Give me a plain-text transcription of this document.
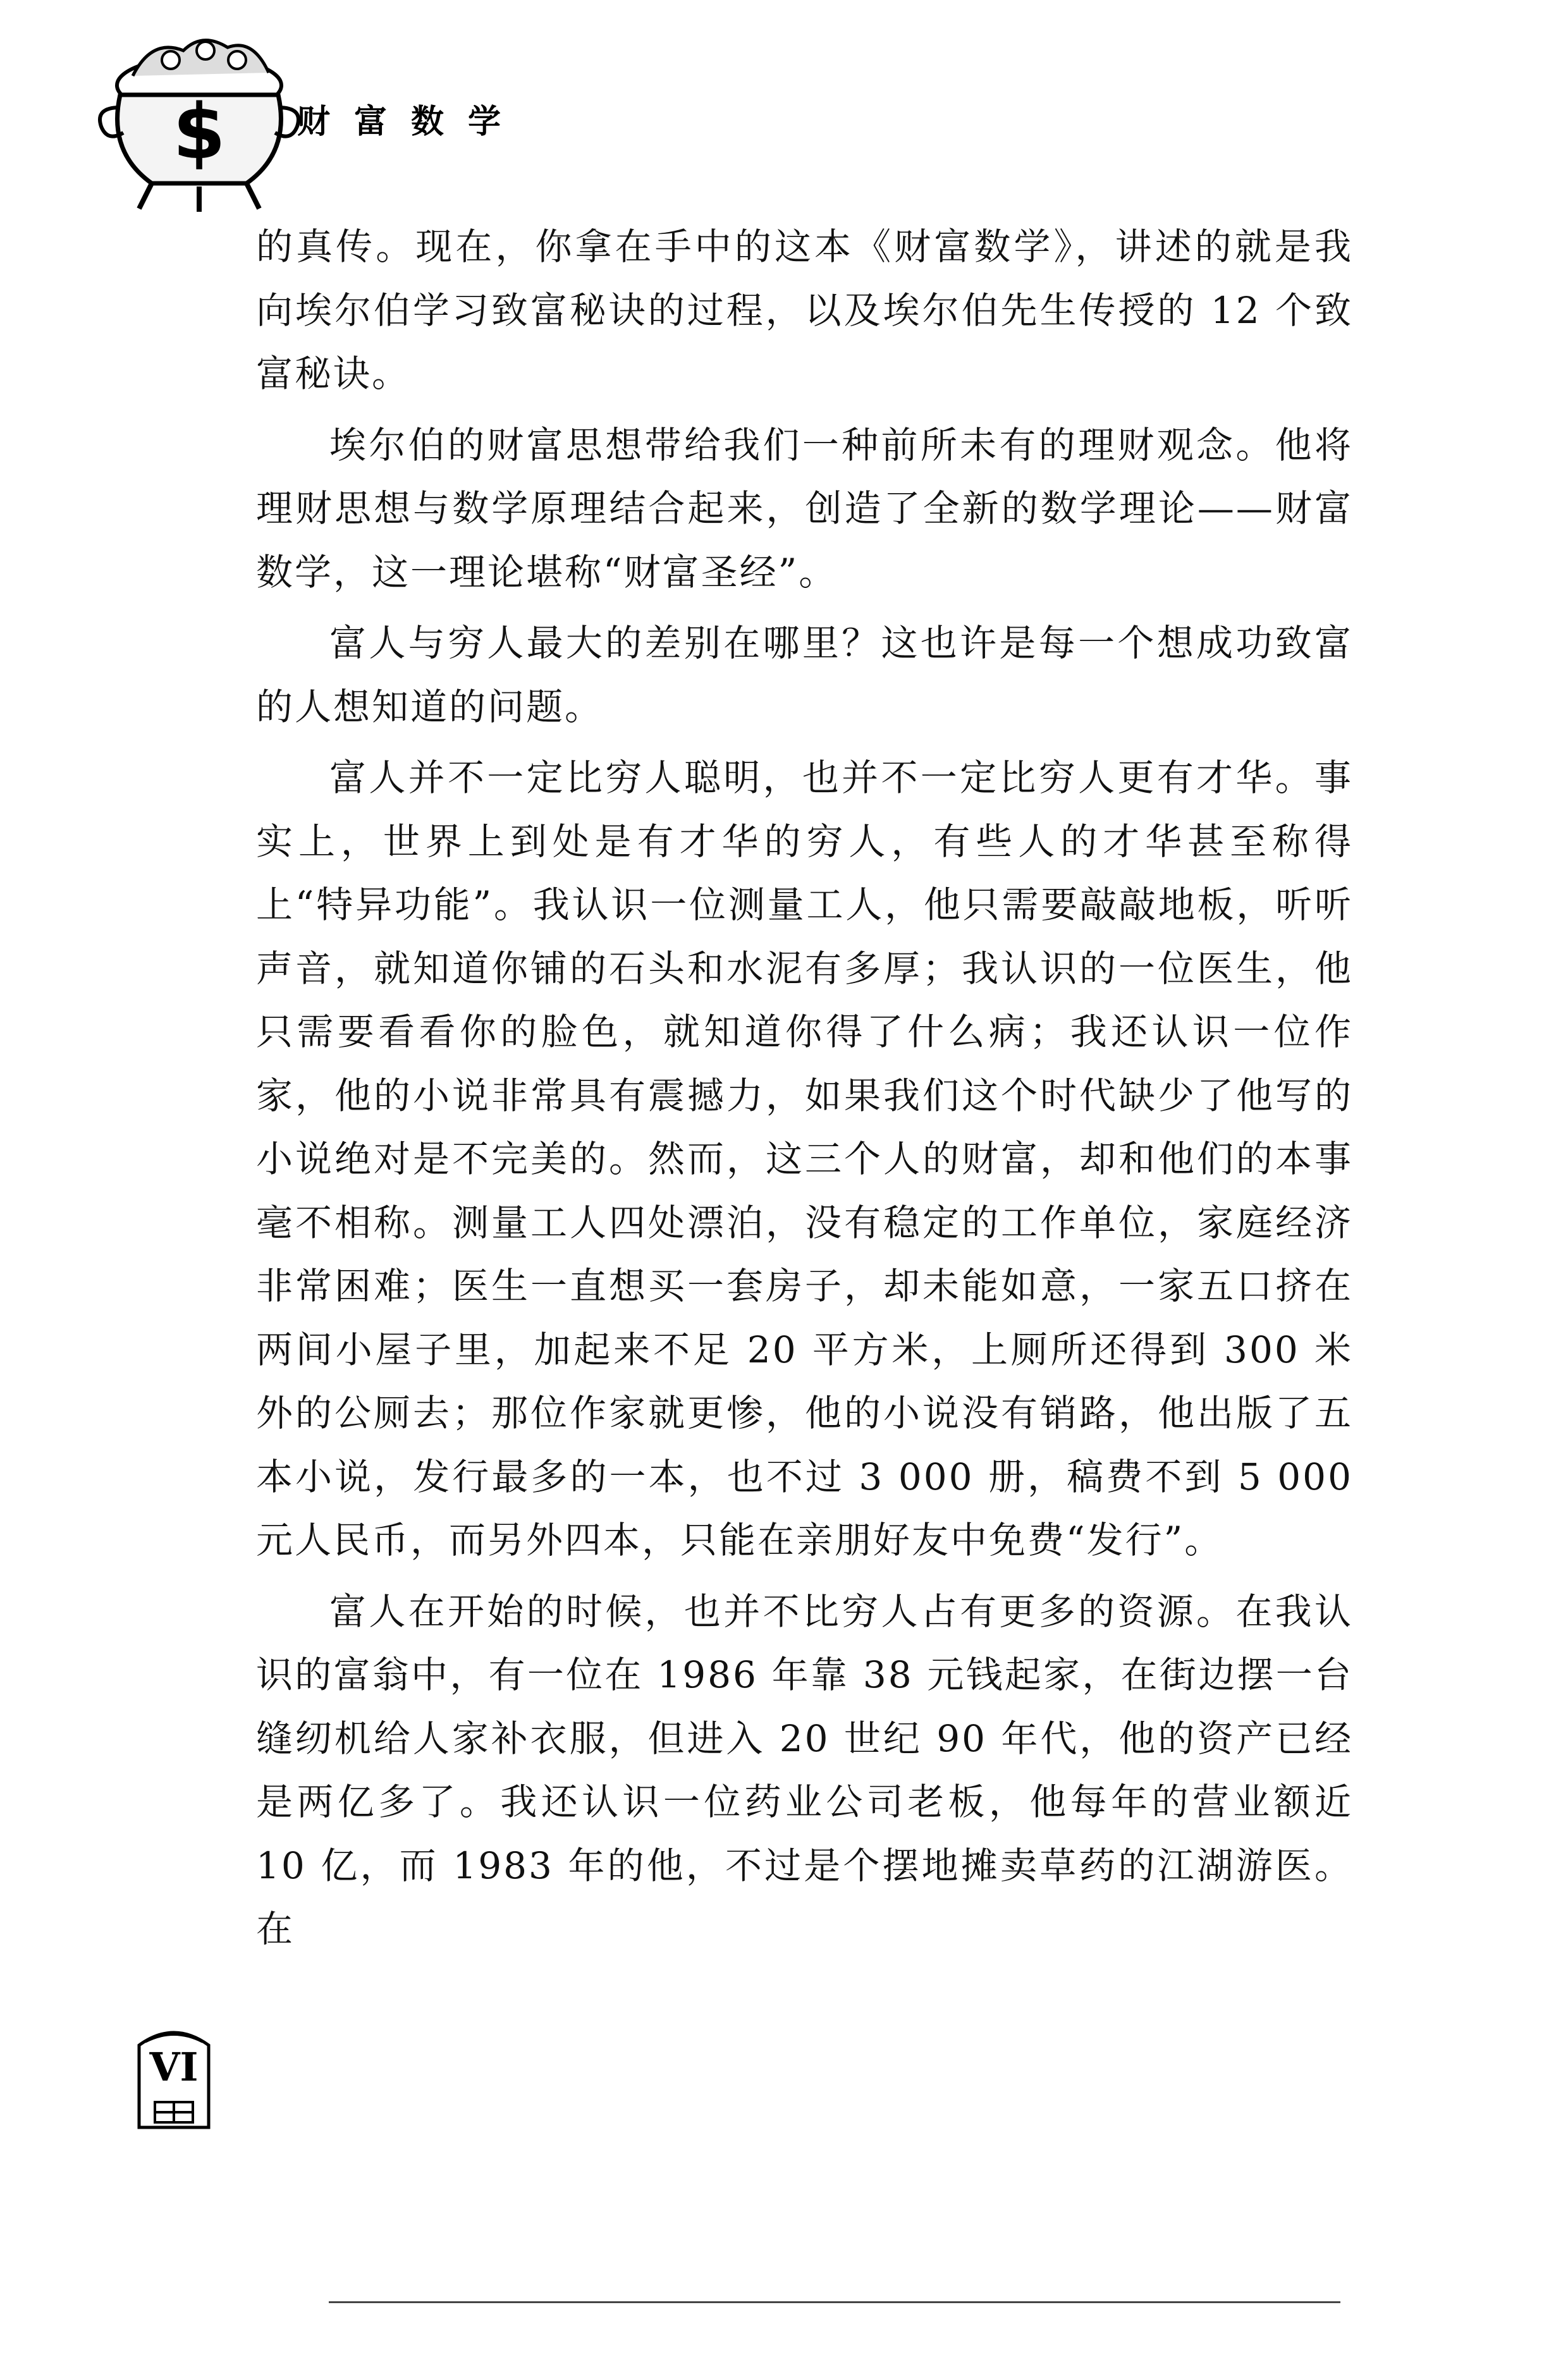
$ 财富数学

的真传。现在，你拿在手中的这本《财富数学》，讲述的就是我向埃尔伯学习致富秘诀的过程，以及埃尔伯先生传授的 12 个致富秘诀。

埃尔伯的财富思想带给我们一种前所未有的理财观念。他将理财思想与数学原理结合起来，创造了全新的数学理论——财富数学，这一理论堪称“财富圣经”。

富人与穷人最大的差别在哪里？这也许是每一个想成功致富的人想知道的问题。

富人并不一定比穷人聪明，也并不一定比穷人更有才华。事实上，世界上到处是有才华的穷人，有些人的才华甚至称得上“特异功能”。我认识一位测量工人，他只需要敲敲地板，听听声音，就知道你铺的石头和水泥有多厚；我认识的一位医生，他只需要看看你的脸色，就知道你得了什么病；我还认识一位作家，他的小说非常具有震撼力，如果我们这个时代缺少了他写的小说绝对是不完美的。然而，这三个人的财富，却和他们的本事毫不相称。测量工人四处漂泊，没有稳定的工作单位，家庭经济非常困难；医生一直想买一套房子，却未能如意，一家五口挤在两间小屋子里，加起来不足 20 平方米，上厕所还得到 300 米外的公厕去；那位作家就更惨，他的小说没有销路，他出版了五本小说，发行最多的一本，也不过 3 000 册，稿费不到 5 000 元人民币，而另外四本，只能在亲朋好友中免费“发行”。

富人在开始的时候，也并不比穷人占有更多的资源。在我认识的富翁中，有一位在 1986 年靠 38 元钱起家，在街边摆一台缝纫机给人家补衣服，但进入 20 世纪 90 年代，他的资产已经是两亿多了。我还认识一位药业公司老板，他每年的营业额近 10 亿，而 1983 年的他，不过是个摆地摊卖草药的江湖游医。在

VI
